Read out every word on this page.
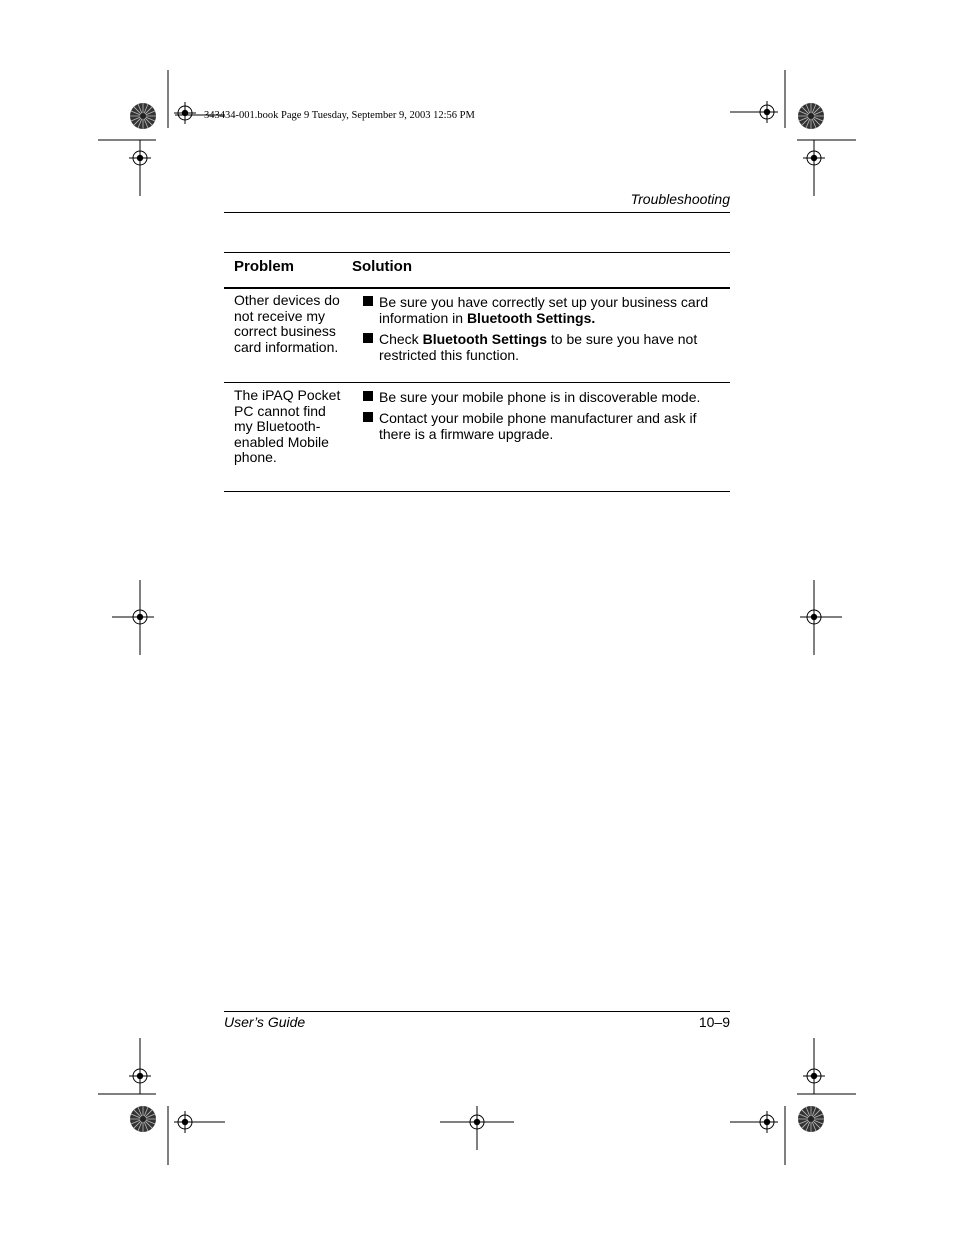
343434-001.book Page 9 Tuesday, September 9, 2003 12:56 PM
Troubleshooting
Problem	Solution
Other devices do not receive my correct business card information.
Be sure you have correctly set up your business card information in Bluetooth Settings.
Check Bluetooth Settings to be sure you have not restricted this function.
The iPAQ Pocket PC cannot find my Bluetooth-enabled Mobile phone.
Be sure your mobile phone is in discoverable mode.
Contact your mobile phone manufacturer and ask if there is a firmware upgrade.
User’s Guide	10–9
